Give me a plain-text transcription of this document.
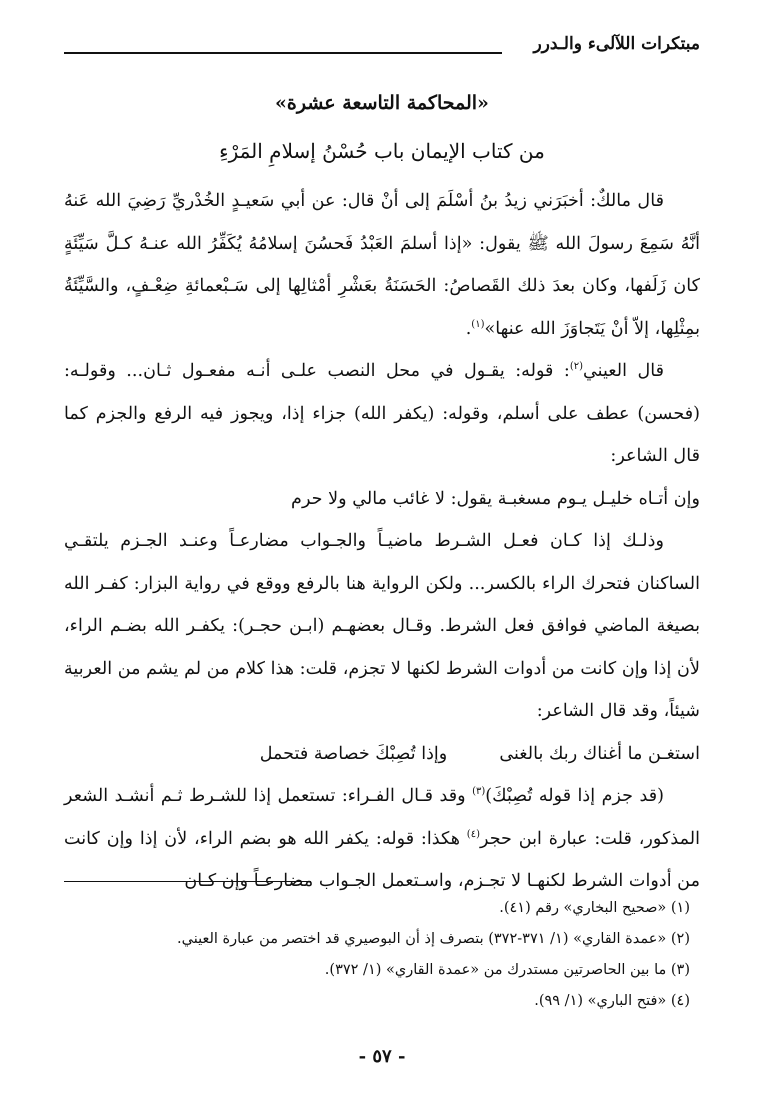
مبتكرات اللآلىء والـدرر
«المحاكمة التاسعة عشرة»
من كتاب الإيمان باب حُسْنُ إسلامِ المَرْءِ

قال مالكٌ: أخبَرَني زيدُ بنُ أسْلَمَ إلى أنْ قال: عن أبي سَعيـدٍ الخُدْريِّ رَضِيَ الله عَنهُ أنَّهُ سَمِعَ رسولَ الله ﷺ يقول: «إذا أسلمَ العَبْدُ فَحسُنَ إسلامُهُ يُكَفِّرُ الله عنـهُ كـلَّ سَيِّئَةٍ كان زَلَفها، وكان بعدَ ذلك القَصاصُ: الحَسَنَةُ بعَشْرِ أمْثالِها إلى سَـبْعمائةِ ضِعْـفٍ، والسَّيِّئَةُ بمِثْلِها، إلاّ أنْ يَتَجاوَزَ الله عنها»$^{(١)}$.

قال العيني$^{(٢)}$: قوله: يقـول في محل النصب علـى أنـه مفعـول ثـان... وقولـه: (فحسن) عطف على أسلم، وقوله: (يكفر الله) جزاء إذا، ويجوز فيه الرفع والجزم كما قال الشاعر:

وإن أتـاه خليـل يـوم مسغبـة يقول: لا غائب مالي ولا حرم

وذلـك إذا كـان فعـل الشـرط ماضيـاً والجـواب مضارعـاً وعنـد الجـزم يلتقـي الساكنان فتحرك الراء بالكسر... ولكن الرواية هنا بالرفع ووقع في رواية البزار: كفـر الله بصيغة الماضي فوافق فعل الشرط. وقـال بعضهـم (ابـن حجـر): يكفـر الله بضـم الراء، لأن إذا وإن كانت من أدوات الشرط لكنها لا تجزم، قلت: هذا كلام من لم يشم من العربية شيئاً، وقد قال الشاعر:

استغـن ما أغناك ربك بالغنىوإذا تُصِبْكَ خصاصة فتحمل

(قد جزم إذا قوله تُصِبْكَ)$^{(٣)}$ وقد قـال الفـراء: تستعمل إذا للشـرط ثـم أنشـد الشعر المذكور، قلت: عبارة ابن حجر$^{(٤)}$ هكذا: قوله: يكفر الله هو بضم الراء، لأن إذا وإن كانت من أدوات الشرط لكنهـا لا تجـزم، واسـتعمل الجـواب مضارعـاً وإن كـان

(١) «صحيح البخاري» رقم (٤١).

(٢) «عمدة القاري» (١/ ٣٧١-٣٧٢) بتصرف إذ أن البوصيري قد اختصر من عبارة العيني.

(٣) ما بين الحاصرتين مستدرك من «عمدة القاري» (١/ ٣٧٢).

(٤) «فتح الباري» (١/ ٩٩).

- ٥٧ -
